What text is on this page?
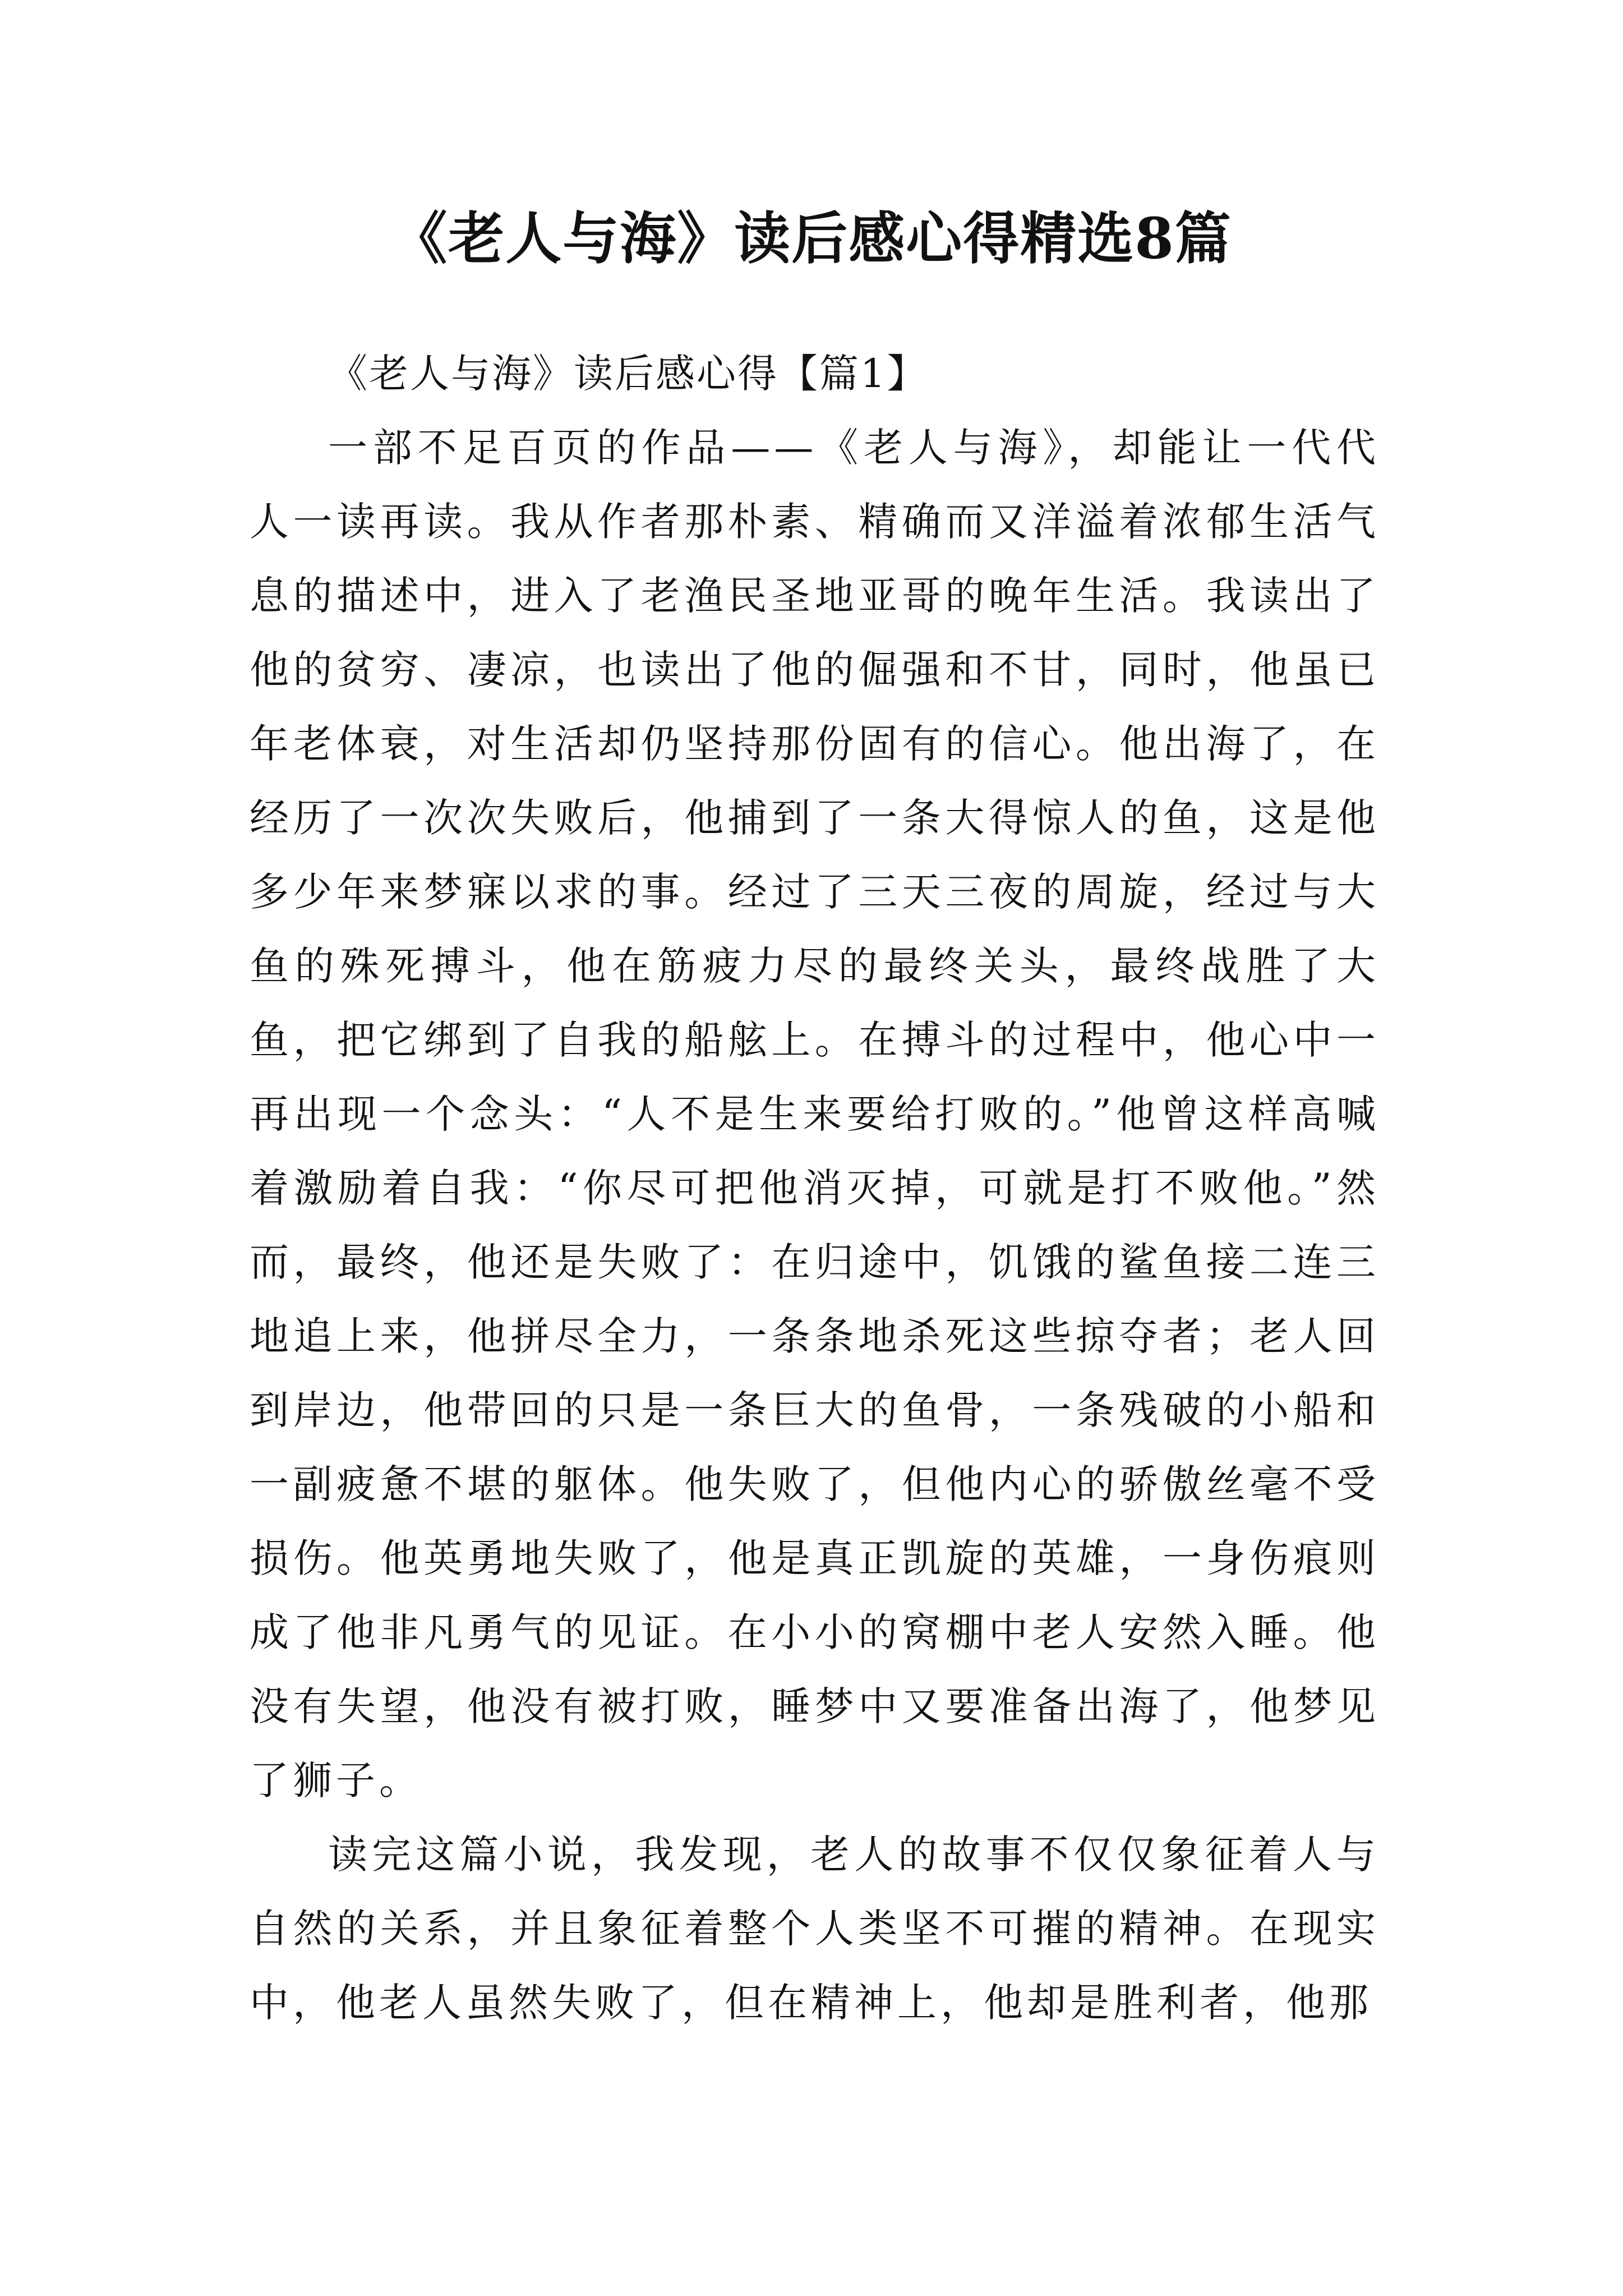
《老人与海》读后感心得精选8篇

《老人与海》读后感心得【篇1】

一部不足百页的作品——《老人与海》，却能让一代代人一读再读。我从作者那朴素、精确而又洋溢着浓郁生活气息的描述中，进入了老渔民圣地亚哥的晚年生活。我读出了他的贫穷、凄凉，也读出了他的倔强和不甘，同时，他虽已年老体衰，对生活却仍坚持那份固有的信心。他出海了，在经历了一次次失败后，他捕到了一条大得惊人的鱼，这是他多少年来梦寐以求的事。经过了三天三夜的周旋，经过与大鱼的殊死搏斗，他在筋疲力尽的最终关头，最终战胜了大鱼，把它绑到了自我的船舷上。在搏斗的过程中，他心中一再出现一个念头：“人不是生来要给打败的。”他曾这样高喊着激励着自我：“你尽可把他消灭掉，可就是打不败他。”然而，最终，他还是失败了：在归途中，饥饿的鲨鱼接二连三地追上来，他拼尽全力，一条条地杀死这些掠夺者；老人回到岸边，他带回的只是一条巨大的鱼骨，一条残破的小船和一副疲惫不堪的躯体。他失败了，但他内心的骄傲丝毫不受损伤。他英勇地失败了，他是真正凯旋的英雄，一身伤痕则成了他非凡勇气的见证。在小小的窝棚中老人安然入睡。他没有失望，他没有被打败，睡梦中又要准备出海了，他梦见了狮子。

读完这篇小说，我发现，老人的故事不仅仅象征着人与自然的关系，并且象征着整个人类坚不可摧的精神。在现实中，他老人虽然失败了，但在精神上，他却是胜利者，他那
